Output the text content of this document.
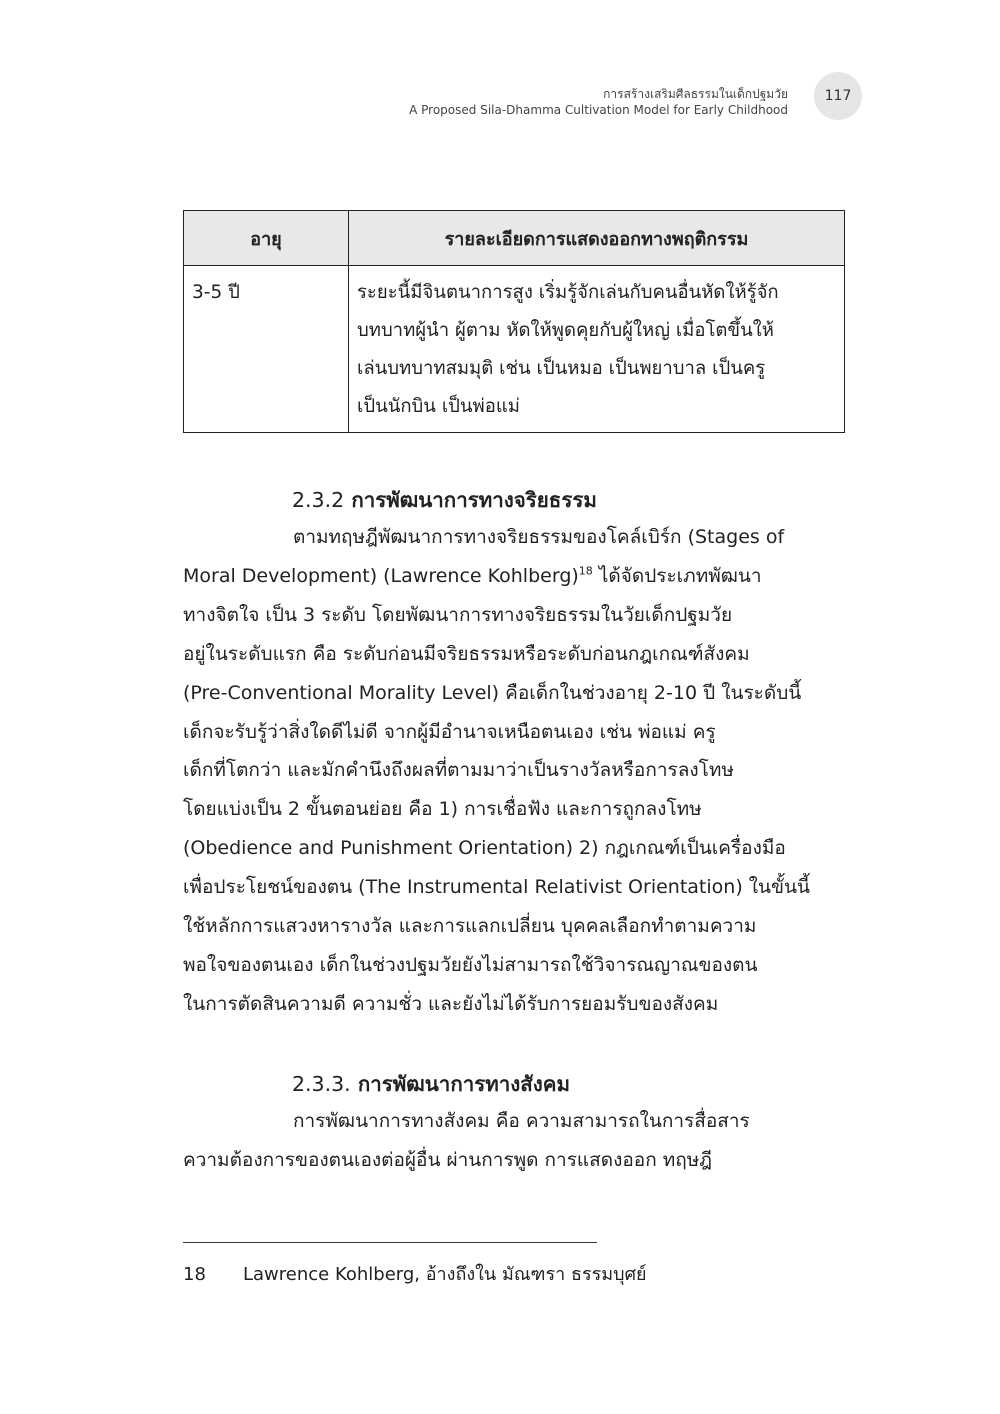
การสร้างเสริมศีลธรรมในเด็กปฐมวัย
A Proposed Sila-Dhamma Cultivation Model for Early Childhood
117
อายุ	รายละเอียดการแสดงออกทางพฤติกรรม
3-5 ปี	ระยะนี้มีจินตนาการสูง เริ่มรู้จักเล่นกับคนอื่นหัดให้รู้จัก
บทบาทผู้นำ ผู้ตาม หัดให้พูดคุยกับผู้ใหญ่ เมื่อโตขึ้นให้
เล่นบทบาทสมมุติ เช่น เป็นหมอ เป็นพยาบาล เป็นครู
เป็นนักบิน เป็นพ่อแม่
2.3.2 การพัฒนาการทางจริยธรรม
ตามทฤษฎีพัฒนาการทางจริยธรรมของโคล์เบิร์ก (Stages of
Moral Development) (Lawrence Kohlberg)$^{18}$ ได้จัดประเภทพัฒนา
ทางจิตใจ เป็น 3 ระดับ โดยพัฒนาการทางจริยธรรมในวัยเด็กปฐมวัย
อยู่ในระดับแรก คือ ระดับก่อนมีจริยธรรมหรือระดับก่อนกฎเกณฑ์สังคม
(Pre-Conventional Morality Level) คือเด็กในช่วงอายุ 2-10 ปี ในระดับนี้
เด็กจะรับรู้ว่าสิ่งใดดีไม่ดี จากผู้มีอำนาจเหนือตนเอง เช่น พ่อแม่ ครู
เด็กที่โตกว่า และมักคำนึงถึงผลที่ตามมาว่าเป็นรางวัลหรือการลงโทษ
โดยแบ่งเป็น 2 ขั้นตอนย่อย คือ 1) การเชื่อฟัง และการถูกลงโทษ
(Obedience and Punishment Orientation) 2) กฎเกณฑ์เป็นเครื่องมือ
เพื่อประโยชน์ของตน (The Instrumental Relativist Orientation) ในขั้นนี้
ใช้หลักการแสวงหารางวัล และการแลกเปลี่ยน บุคคลเลือกทำตามความ
พอใจของตนเอง เด็กในช่วงปฐมวัยยังไม่สามารถใช้วิจารณญาณของตน
ในการตัดสินความดี ความชั่ว และยังไม่ได้รับการยอมรับของสังคม
2.3.3. การพัฒนาการทางสังคม
การพัฒนาการทางสังคม คือ ความสามารถในการสื่อสาร
ความต้องการของตนเองต่อผู้อื่น ผ่านการพูด การแสดงออก ทฤษฎี
18 Lawrence Kohlberg, อ้างถึงใน มัณฑรา ธรรมบุศย์
